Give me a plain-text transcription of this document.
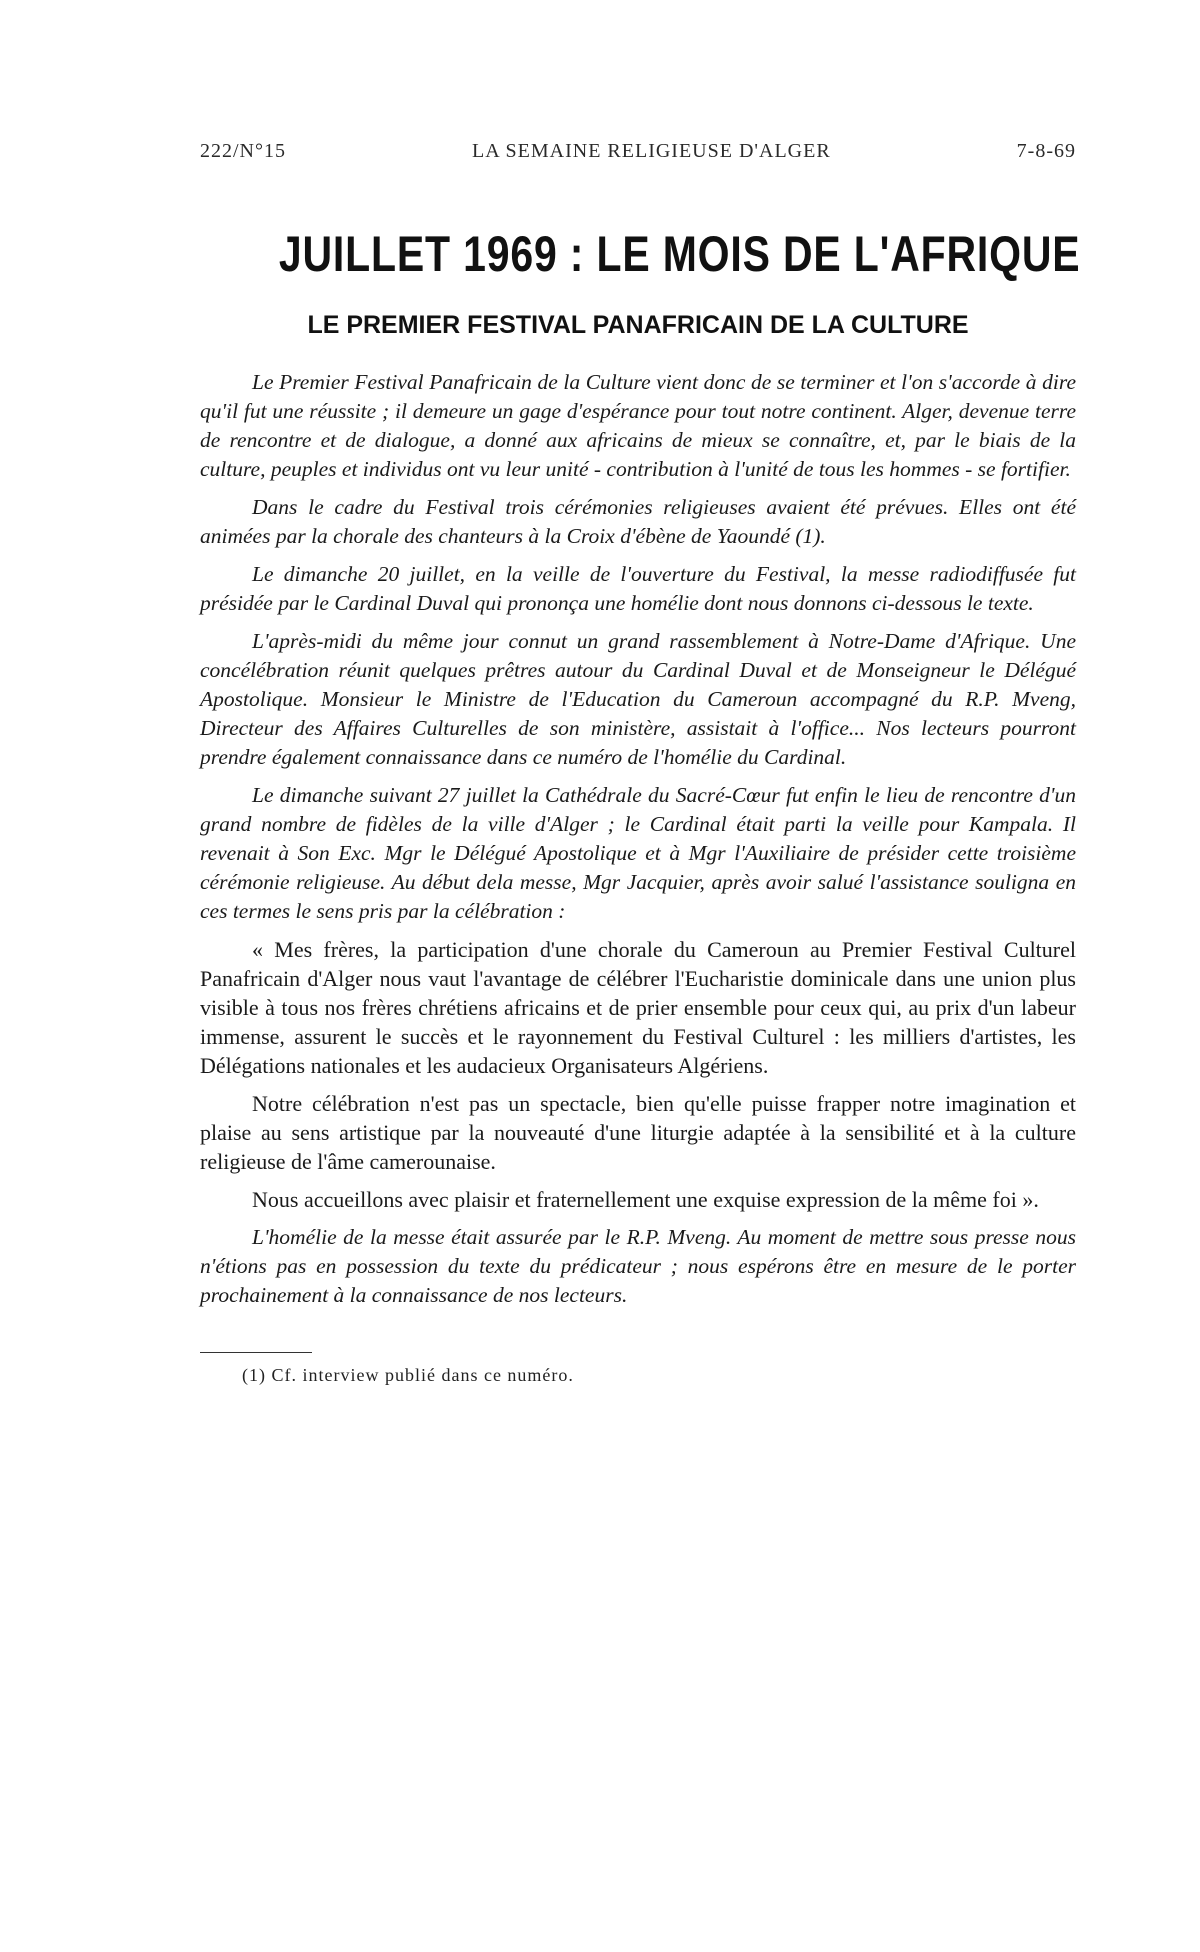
222/N°15	LA SEMAINE RELIGIEUSE D'ALGER	7-8-69
JUILLET 1969 : LE MOIS DE L'AFRIQUE
LE PREMIER FESTIVAL PANAFRICAIN DE LA CULTURE

Le Premier Festival Panafricain de la Culture vient donc de se terminer et l'on s'accorde à dire qu'il fut une réussite ; il demeure un gage d'espérance pour tout notre continent. Alger, devenue terre de rencontre et de dialogue, a donné aux africains de mieux se connaître, et, par le biais de la culture, peuples et individus ont vu leur unité - contribution à l'unité de tous les hommes - se fortifier.

Dans le cadre du Festival trois cérémonies religieuses avaient été prévues. Elles ont été animées par la chorale des chanteurs à la Croix d'ébène de Yaoundé (1).

Le dimanche 20 juillet, en la veille de l'ouverture du Festival, la messe radiodiffusée fut présidée par le Cardinal Duval qui prononça une homélie dont nous donnons ci-dessous le texte.

L'après-midi du même jour connut un grand rassemblement à Notre-Dame d'Afrique. Une concélébration réunit quelques prêtres autour du Cardinal Duval et de Monseigneur le Délégué Apostolique. Monsieur le Ministre de l'Education du Cameroun accompagné du R.P. Mveng, Directeur des Affaires Culturelles de son ministère, assistait à l'office... Nos lecteurs pourront prendre également connaissance dans ce numéro de l'homélie du Cardinal.

Le dimanche suivant 27 juillet la Cathédrale du Sacré-Cœur fut enfin le lieu de rencontre d'un grand nombre de fidèles de la ville d'Alger ; le Cardinal était parti la veille pour Kampala. Il revenait à Son Exc. Mgr le Délégué Apostolique et à Mgr l'Auxiliaire de présider cette troisième cérémonie religieuse. Au début dela messe, Mgr Jacquier, après avoir salué l'assistance souligna en ces termes le sens pris par la célébration :

« Mes frères, la participation d'une chorale du Cameroun au Premier Festival Culturel Panafricain d'Alger nous vaut l'avantage de célébrer l'Eucharistie dominicale dans une union plus visible à tous nos frères chrétiens africains et de prier ensemble pour ceux qui, au prix d'un labeur immense, assurent le succès et le rayonnement du Festival Culturel : les milliers d'artistes, les Délégations nationales et les audacieux Organisateurs Algériens.

Notre célébration n'est pas un spectacle, bien qu'elle puisse frapper notre imagination et plaise au sens artistique par la nouveauté d'une liturgie adaptée à la sensibilité et à la culture religieuse de l'âme camerounaise.

Nous accueillons avec plaisir et fraternellement une exquise expression de la même foi ».

L'homélie de la messe était assurée par le R.P. Mveng. Au moment de mettre sous presse nous n'étions pas en possession du texte du prédicateur ; nous espérons être en mesure de le porter prochainement à la connaissance de nos lecteurs.

(1) Cf. interview publié dans ce numéro.
